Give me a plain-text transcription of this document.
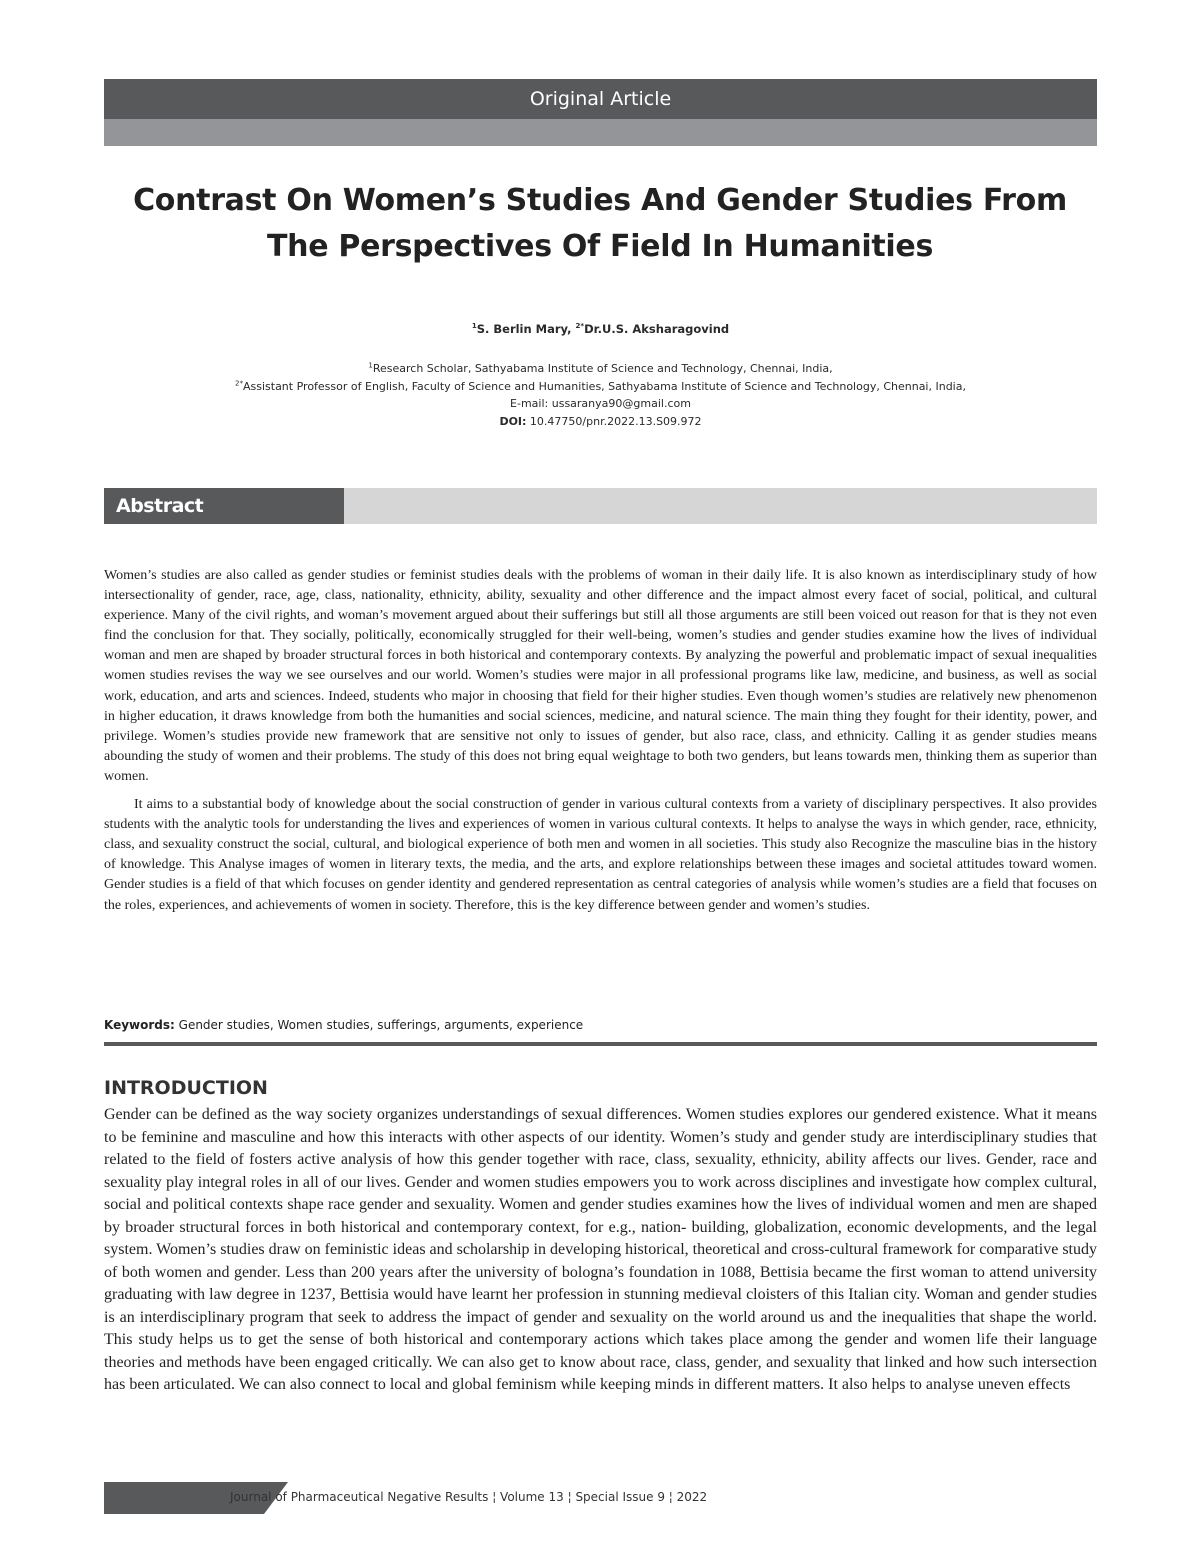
Original Article
Contrast On Women’s Studies And Gender Studies From The Perspectives Of Field In Humanities
$^1$S. Berlin Mary, $^{2*}$Dr.U.S. Aksharagovind
$^1$Research Scholar, Sathyabama Institute of Science and Technology, Chennai, India,
$^{2*}$Assistant Professor of English, Faculty of Science and Humanities, Sathyabama Institute of Science and Technology, Chennai, India,
E-mail: ussaranya90@gmail.com
DOI: 10.47750/pnr.2022.13.S09.972
Abstract

Women’s studies are also called as gender studies or feminist studies deals with the problems of woman in their daily life. It is also known as interdisciplinary study of how intersectionality of gender, race, age, class, nationality, ethnicity, ability, sexuality and other difference and the impact almost every facet of social, political, and cultural experience. Many of the civil rights, and woman’s movement argued about their sufferings but still all those arguments are still been voiced out reason for that is they not even find the conclusion for that. They socially, politically, economically struggled for their well-being, women’s studies and gender studies examine how the lives of individual woman and men are shaped by broader structural forces in both historical and contemporary contexts. By analyzing the powerful and problematic impact of sexual inequalities women studies revises the way we see ourselves and our world. Women’s studies were major in all professional programs like law, medicine, and business, as well as social work, education, and arts and sciences. Indeed, students who major in choosing that field for their higher studies. Even though women’s studies are relatively new phenomenon in higher education, it draws knowledge from both the humanities and social sciences, medicine, and natural science. The main thing they fought for their identity, power, and privilege. Women’s studies provide new framework that are sensitive not only to issues of gender, but also race, class, and ethnicity. Calling it as gender studies means abounding the study of women and their problems. The study of this does not bring equal weightage to both two genders, but leans towards men, thinking them as superior than women.

It aims to a substantial body of knowledge about the social construction of gender in various cultural contexts from a variety of disciplinary perspectives. It also provides students with the analytic tools for understanding the lives and experiences of women in various cultural contexts. It helps to analyse the ways in which gender, race, ethnicity, class, and sexuality construct the social, cultural, and biological experience of both men and women in all societies. This study also Recognize the masculine bias in the history of knowledge. This Analyse images of women in literary texts, the media, and the arts, and explore relationships between these images and societal attitudes toward women. Gender studies is a field of that which focuses on gender identity and gendered representation as central categories of analysis while women’s studies are a field that focuses on the roles, experiences, and achievements of women in society. Therefore, this is the key difference between gender and women’s studies.

Keywords: Gender studies, Women studies, sufferings, arguments, experience
INTRODUCTION

Gender can be defined as the way society organizes understandings of sexual differences. Women studies explores our gendered existence. What it means to be feminine and masculine and how this interacts with other aspects of our identity. Women’s study and gender study are interdisciplinary studies that related to the field of fosters active analysis of how this gender together with race, class, sexuality, ethnicity, ability affects our lives. Gender, race and sexuality play integral roles in all of our lives. Gender and women studies empowers you to work across disciplines and investigate how complex cultural, social and political contexts shape race gender and sexuality. Women and gender studies examines how the lives of individual women and men are shaped by broader structural forces in both historical and contemporary context, for e.g., nation- building, globalization, economic developments, and the legal system. Women’s studies draw on feministic ideas and scholarship in developing historical, theoretical and cross-cultural framework for comparative study of both women and gender. Less than 200 years after the university of bologna’s foundation in 1088, Bettisia became the first woman to attend university graduating with law degree in 1237, Bettisia would have learnt her profession in stunning medieval cloisters of this Italian city. Woman and gender studies is an interdisciplinary program that seek to address the impact of gender and sexuality on the world around us and the inequalities that shape the world. This study helps us to get the sense of both historical and contemporary actions which takes place among the gender and women life their language theories and methods have been engaged critically. We can also get to know about race, class, gender, and sexuality that linked and how such intersection has been articulated. We can also connect to local and global feminism while keeping minds in different matters. It also helps to analyse uneven effects

Journal of Pharmaceutical Negative Results ¦ Volume 13 ¦ Special Issue 9 ¦ 2022	8288
